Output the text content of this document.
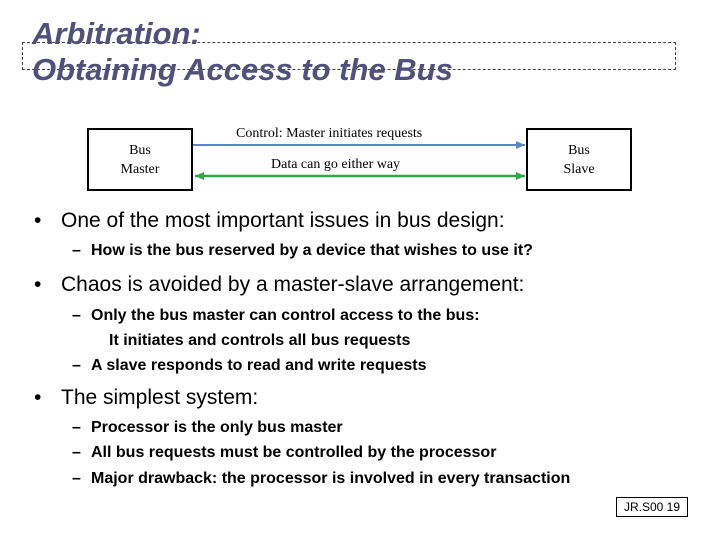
Arbitration:
Obtaining Access to the Bus
Bus
Master
Bus
Slave
Control: Master initiates requests
Data can go either way
• One of the most important issues in bus design:
– How is the bus reserved by a device that wishes to use it?
• Chaos is avoided by a master-slave arrangement:
– Only the bus master can control access to the bus:
It initiates and controls all bus requests
– A slave responds to read and write requests
• The simplest system:
– Processor is the only bus master
– All bus requests must be controlled by the processor
– Major drawback: the processor is involved in every transaction
JR.S00 19
